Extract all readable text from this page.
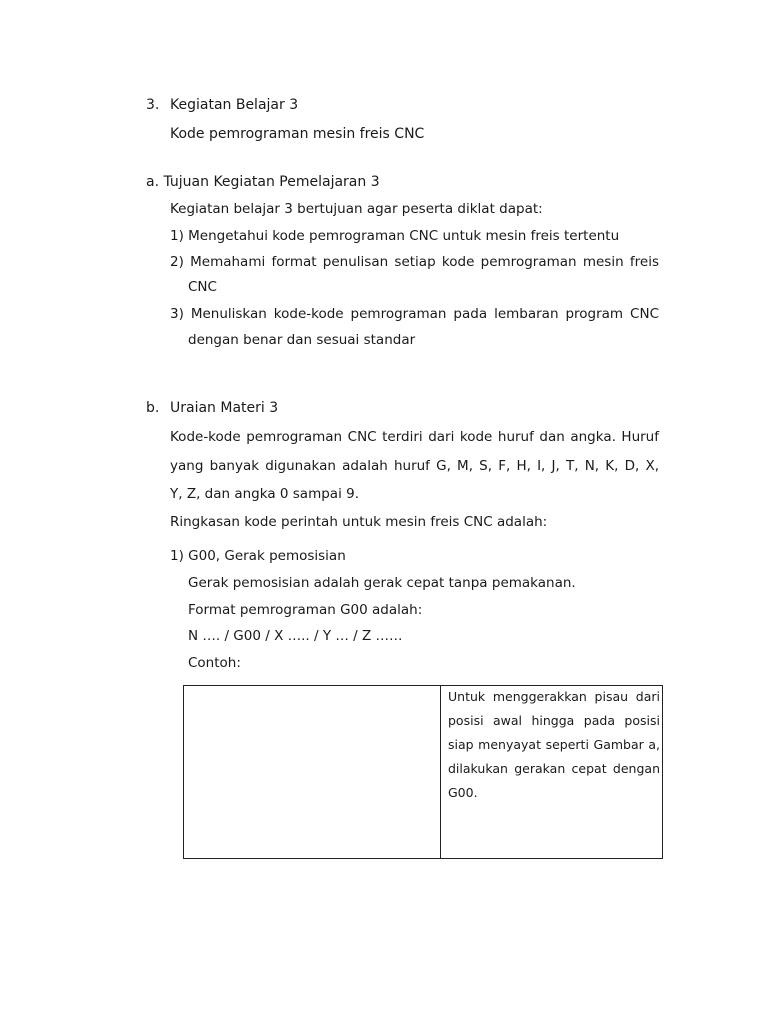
3. Kegiatan Belajar 3
Kode pemrograman mesin freis CNC
a. Tujuan Kegiatan Pemelajaran 3
Kegiatan belajar 3 bertujuan agar peserta diklat dapat:
1) Mengetahui kode pemrograman CNC untuk mesin freis tertentu
2) Memahami format penulisan setiap kode pemrograman mesin freis
CNC
3) Menuliskan kode-kode pemrograman pada lembaran program CNC
dengan benar dan sesuai standar
b. Uraian Materi 3
Kode-kode pemrograman CNC terdiri dari kode huruf dan angka. Huruf
yang banyak digunakan adalah huruf G, M, S, F, H, I, J, T, N, K, D, X,
Y, Z, dan angka 0 sampai 9.
Ringkasan kode perintah untuk mesin freis CNC adalah:
1) G00, Gerak pemosisian
Gerak pemosisian adalah gerak cepat tanpa pemakanan.
Format pemrograman G00 adalah:
N …. / G00 / X ….. / Y … / Z ……
Contoh:
Untuk menggerakkan pisau dari
posisi awal hingga pada posisi
siap menyayat seperti Gambar a,
dilakukan gerakan cepat dengan
G00.
